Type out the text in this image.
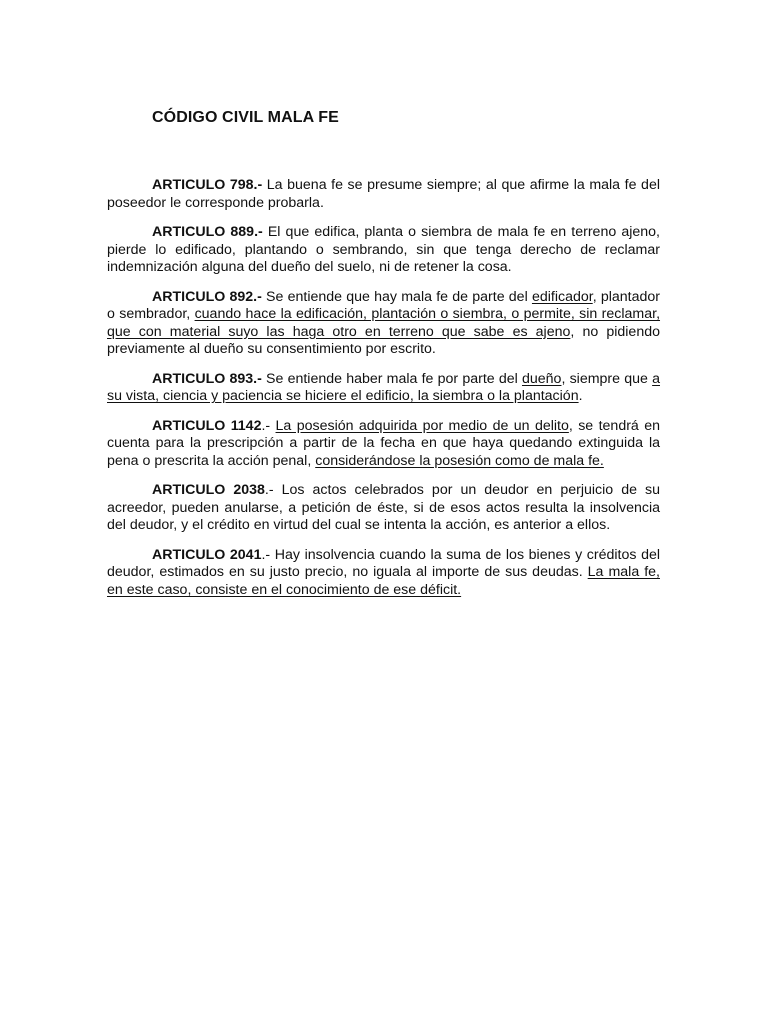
CÓDIGO CIVIL MALA FE

ARTICULO 798.- La buena fe se presume siempre; al que afirme la mala fe del poseedor le corresponde probarla.

ARTICULO 889.- El que edifica, planta o siembra de mala fe en terreno ajeno, pierde lo edificado, plantando o sembrando, sin que tenga derecho de reclamar indemnización alguna del dueño del suelo, ni de retener la cosa.

ARTICULO 892.- Se entiende que hay mala fe de parte del edificador, plantador o sembrador, cuando hace la edificación, plantación o siembra, o permite, sin reclamar, que con material suyo las haga otro en terreno que sabe es ajeno, no pidiendo previamente al dueño su consentimiento por escrito.

ARTICULO 893.- Se entiende haber mala fe por parte del dueño, siempre que a su vista, ciencia y paciencia se hiciere el edificio, la siembra o la plantación.

ARTICULO 1142.- La posesión adquirida por medio de un delito, se tendrá en cuenta para la prescripción a partir de la fecha en que haya quedando extinguida la pena o prescrita la acción penal, considerándose la posesión como de mala fe.

ARTICULO 2038.- Los actos celebrados por un deudor en perjuicio de su acreedor, pueden anularse, a petición de éste, si de esos actos resulta la insolvencia del deudor, y el crédito en virtud del cual se intenta la acción, es anterior a ellos.

ARTICULO 2041.- Hay insolvencia cuando la suma de los bienes y créditos del deudor, estimados en su justo precio, no iguala al importe de sus deudas. La mala fe, en este caso, consiste en el conocimiento de ese déficit.
